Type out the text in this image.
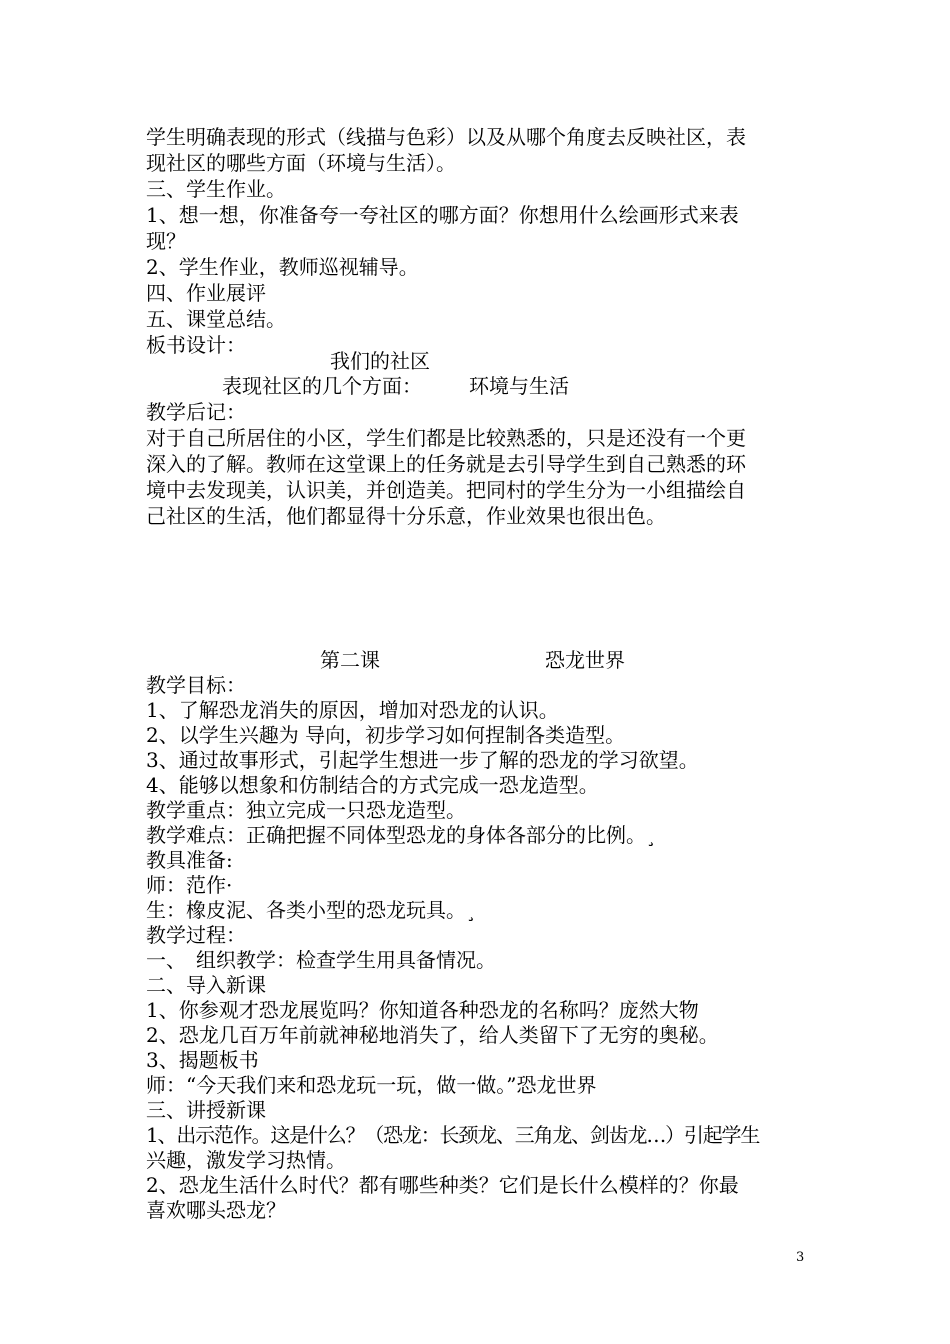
学生明确表现的形式（线描与色彩）以及从哪个角度去反映社区，表
现社区的哪些方面（环境与生活）。
三、学生作业。
1、想一想，你准备夸一夸社区的哪方面？你想用什么绘画形式来表
现？
2、学生作业，教师巡视辅导。
四、作业展评
五、课堂总结。
板书设计：
我们的社区
表现社区的几个方面：	环境与生活
教学后记：
对于自己所居住的小区，学生们都是比较熟悉的，只是还没有一个更
深入的了解。教师在这堂课上的任务就是去引导学生到自己熟悉的环
境中去发现美，认识美，并创造美。把同村的学生分为一小组描绘自
己社区的生活，他们都显得十分乐意，作业效果也很出色。
第二课	恐龙世界
教学目标：
1、了解恐龙消失的原因，增加对恐龙的认识。
2、以学生兴趣为 导向，初步学习如何捏制各类造型。
3、通过故事形式，引起学生想进一步了解的恐龙的学习欲望。
4、能够以想象和仿制结合的方式完成一恐龙造型。
教学重点：独立完成一只恐龙造型。
教学难点：正确把握不同体型恐龙的身体各部分的比例。¸
教具准备:
师：范作·
生：橡皮泥、各类小型的恐龙玩具。¸
教学过程：
一、　组织教学：检查学生用具备情况。
二、导入新课
1、你参观才恐龙展览吗？你知道各种恐龙的名称吗？庞然大物
2、恐龙几百万年前就神秘地消失了，给人类留下了无穷的奥秘。
3、揭题板书
师：“今天我们来和恐龙玩一玩，做一做。”恐龙世界
三、讲授新课
1、出示范作。这是什么？（恐龙：长颈龙、三角龙、剑齿龙…）引起学生
兴趣，激发学习热情。
2、恐龙生活什么时代？都有哪些种类？它们是长什么模样的？你最
喜欢哪头恐龙？
3
